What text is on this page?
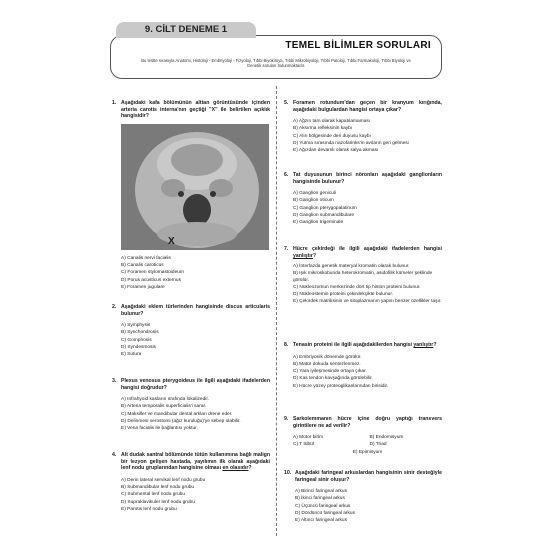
TEMEL BİLİMLER SORULARI
Bu testte sırasıyla Anatomi, Histoloji - Embriyoloji - Fizyoloji, Tıbbi Biyokimya, Tıbbi Mikrobiyoloji, Tıbbi Patoloji, Tıbbi Farmakoloji, Tıbbi Biyoloji ve Genetik soruları bulunmaktadır.
9. CİLT DENEME 1
1. Aşağıdaki kafa bölümünün alttan görüntüsünde içinden arteria carotis interna'nın geçtiği "X" ile belirtilen açıklık hangisidir?
A) Canalis nervi facialis
B) Canalis caroticus
C) Foramen stylomastoideum
D) Porus acusticus externus
E) Foramen jugulare
X
2. Aşağıdaki eklem türlerinden hangisinde discus articularis bulunur?
A) Symphysis
B) Synchondrosis
C) Gomphosis
D) Syndesmosis
E) Sutura
3. Plexus venosus pterygoideus ile ilgili aşağıdaki ifadelerden hangisi doğrudur?
A) Infrahyoid kasların ıtrafında lokalizedir.
B) Arteria temporalis superficialis'i sarar.
C) Maksiller ve mandibular dental arkları drene eder.
D) Delinmesi xerostomi (ağız kuruluğu)'ye sebep olabilir.
E) Vena facialis ile bağlantısı yoktur.
4. Alt dudak santral bölümünde tütün kullanımına bağlı malign bir lezyon gelişen hastada, yayılımın ilk olarak aşağıdaki lenf nodu gruplarından hangisine olması en olasıdır?
A) Derin lateral servikal lenf nodu grubu
B) Submandibular lenf nodu grubu
C) Submental lenf nodu grubu
D) Supraklavikuler lenf nodu grubu
E) Parotis lenf nodu grubu
5. Foramen rotundum'dan geçen bir kranyum kırığında, aşağıdaki bulgulardan hangisi ortaya çıkar?
A) Ağzın tam olarak kapatılamaması
B) Aksırma refleksinin kaybı
C) Alın bölgesinde deri duyusu kaybı
D) Yutma sırasında nazofarinks'in avıların geri gelmesi
E) Ağızdan devamlı olarak salya akması
6. Tat duyusunun birinci nöronları aşağıdaki ganglionların hangisinde bulunur?
A) Ganglion geniculi
B) Ganglion oticum
C) Ganglion pterygopalatinum
D) Ganglion submandibulare
E) Ganglion trigeminale
7. Hücre çekirdeği ile ilgili aşağıdaki ifadelerden hangisi yanlıştır?
A) İnterfazda genetik materyal kromatin olarak bulunur.
B) Işık mikroskobunda heterokromatin, asidofilik kümeler şeklinde görülür.
C) Nükleozomun merkezinde dört tip histon proteini bulunur.
D) Nükleostemin proteini çekirdekçikte bulunur.
E) Çekirdek matriksinin ve sitoplazmanın yapısı benzer özellikler taşır.
8. Tenasin proteini ile ilgili aşağıdakilerden hangisi yanlıştır?
A) Embriyonik dönemde görülür.
B) Matür dokuda sentezlenmez.
C) Yara iyileşmesinde ortaya çıkar.
D) Kas tendon kavşağında görülebilir.
E) Hücre yüzey proteoglikanlarından birisidir.
9. Sarkolemmanın hücre içine doğru yaptığı transvers girintilere ne ad verilir?
A) Motor birim	B) Endomisyum
C) T tübül	D) Triad
E) Epimisyum
10. Aşağıdaki faringeal arkuslardan hangisinin sinir desteğiyle faringeal sinir oluşur?
A) Birinci faringeal arkus
B) İkinci faringeal arkus
C) Üçüncü faringeal arkus
D) Dördüncü faringeal arkus
E) Altıncı faringeal arkus
